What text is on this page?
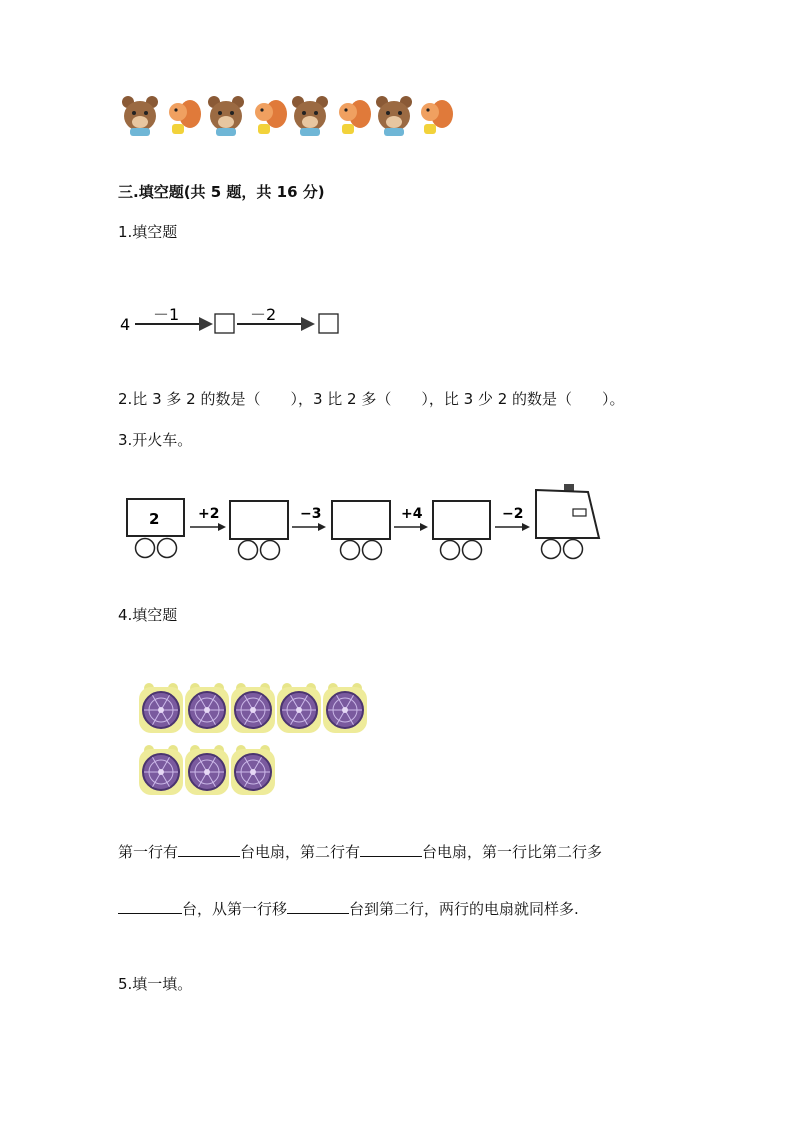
三.填空题(共 5 题，共 16 分)
1.填空题
4
－1	－2
2.比 3 多 2 的数是（　　），3 比 2 多（　　），比 3 少 2 的数是（　　）。
3.开火车。
2	+2	−3	+4	−2
4.填空题
第一行有	台电扇，第二行有	台电扇，第一行比第二行多
台，从第一行移	台到第二行，两行的电扇就同样多.
5.填一填。
